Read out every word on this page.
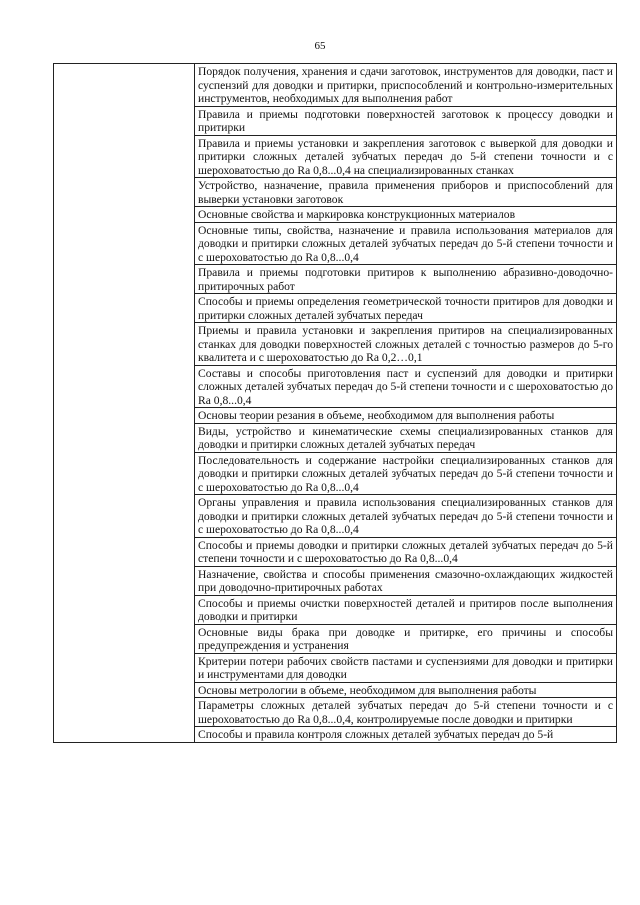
65

Порядок получения, хранения и сдачи заготовок, инструментов для доводки, паст и суспензий для доводки и притирки, приспособлений и контрольно-измерительных инструментов, необходимых для выполнения работ

Правила и приемы подготовки поверхностей заготовок к процессу доводки и притирки

Правила и приемы установки и закрепления заготовок с выверкой для доводки и притирки сложных деталей зубчатых передач до 5-й степени точности и с шероховатостью до Ra 0,8...0,4 на специализированных станках

Устройство, назначение, правила применения приборов и приспособлений для выверки установки заготовок

Основные свойства и маркировка конструкционных материалов

Основные типы, свойства, назначение и правила использования материалов для доводки и притирки сложных деталей зубчатых передач до 5-й степени точности и с шероховатостью до Ra 0,8...0,4

Правила и приемы подготовки притиров к выполнению абразивно-доводочно-притирочных работ

Способы и приемы определения геометрической точности притиров для доводки и притирки сложных деталей зубчатых передач

Приемы и правила установки и закрепления притиров на специализированных станках для доводки поверхностей сложных деталей с точностью размеров до 5-го квалитета и с шероховатостью до Ra 0,2…0,1

Составы и способы приготовления паст и суспензий для доводки и притирки сложных деталей зубчатых передач до 5-й степени точности и с шероховатостью до Ra 0,8...0,4

Основы теории резания в объеме, необходимом для выполнения работы

Виды, устройство и кинематические схемы специализированных станков для доводки и притирки сложных деталей зубчатых передач

Последовательность и содержание настройки специализированных станков для доводки и притирки сложных деталей зубчатых передач до 5-й степени точности и с шероховатостью до Ra 0,8...0,4

Органы управления и правила использования специализированных станков для доводки и притирки сложных деталей зубчатых передач до 5-й степени точности и с шероховатостью до Ra 0,8...0,4

Способы и приемы доводки и притирки сложных деталей зубчатых передач до 5-й степени точности и с шероховатостью до Ra 0,8...0,4

Назначение, свойства и способы применения смазочно-охлаждающих жидкостей при доводочно-притирочных работах

Способы и приемы очистки поверхностей деталей и притиров после выполнения доводки и притирки

Основные виды брака при доводке и притирке, его причины и способы предупреждения и устранения

Критерии потери рабочих свойств пастами и суспензиями для доводки и притирки и инструментами для доводки

Основы метрологии в объеме, необходимом для выполнения работы

Параметры сложных деталей зубчатых передач до 5-й степени точности и с шероховатостью до Ra 0,8...0,4, контролируемые после доводки и притирки

Способы и правила контроля сложных деталей зубчатых передач до 5-й
